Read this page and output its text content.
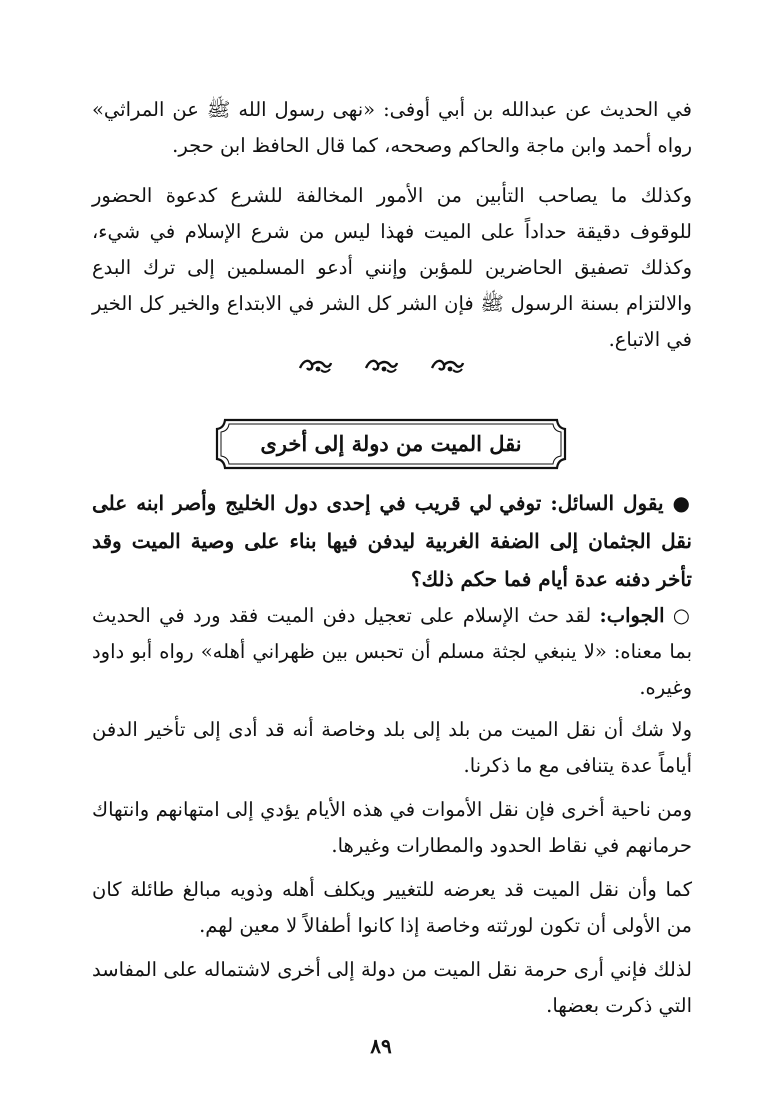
في الحديث عن عبدالله بن أبي أوفى: «نهى رسول الله ﷺ عن المراثي» رواه أحمد وابن ماجة والحاكم وصححه، كما قال الحافظ ابن حجر.

وكذلك ما يصاحب التأبين من الأمور المخالفة للشرع كدعوة الحضور للوقوف دقيقة حداداً على الميت فهذا ليس من شرع الإسلام في شيء، وكذلك تصفيق الحاضرين للمؤبن وإنني أدعو المسلمين إلى ترك البدع والالتزام بسنة الرسول ﷺ فإن الشر كل الشر في الابتداع والخير كل الخير في الاتباع.

نقل الميت من دولة إلى أخرى

● يقول السائل: توفي لي قريب في إحدى دول الخليج وأصر ابنه على نقل الجثمان إلى الضفة الغربية ليدفن فيها بناء على وصية الميت وقد تأخر دفنه عدة أيام فما حكم ذلك؟

○ الجواب: لقد حث الإسلام على تعجيل دفن الميت فقد ورد في الحديث بما معناه: «لا ينبغي لجثة مسلم أن تحبس بين ظهراني أهله» رواه أبو داود وغيره.

ولا شك أن نقل الميت من بلد إلى بلد وخاصة أنه قد أدى إلى تأخير الدفن أياماً عدة يتنافى مع ما ذكرنا.

ومن ناحية أخرى فإن نقل الأموات في هذه الأيام يؤدي إلى امتهانهم وانتهاك حرمانهم في نقاط الحدود والمطارات وغيرها.

كما وأن نقل الميت قد يعرضه للتغيير ويكلف أهله وذويه مبالغ طائلة كان من الأولى أن تكون لورثته وخاصة إذا كانوا أطفالاً لا معين لهم.

لذلك فإني أرى حرمة نقل الميت من دولة إلى أخرى لاشتماله على المفاسد التي ذكرت بعضها.

٨٩
